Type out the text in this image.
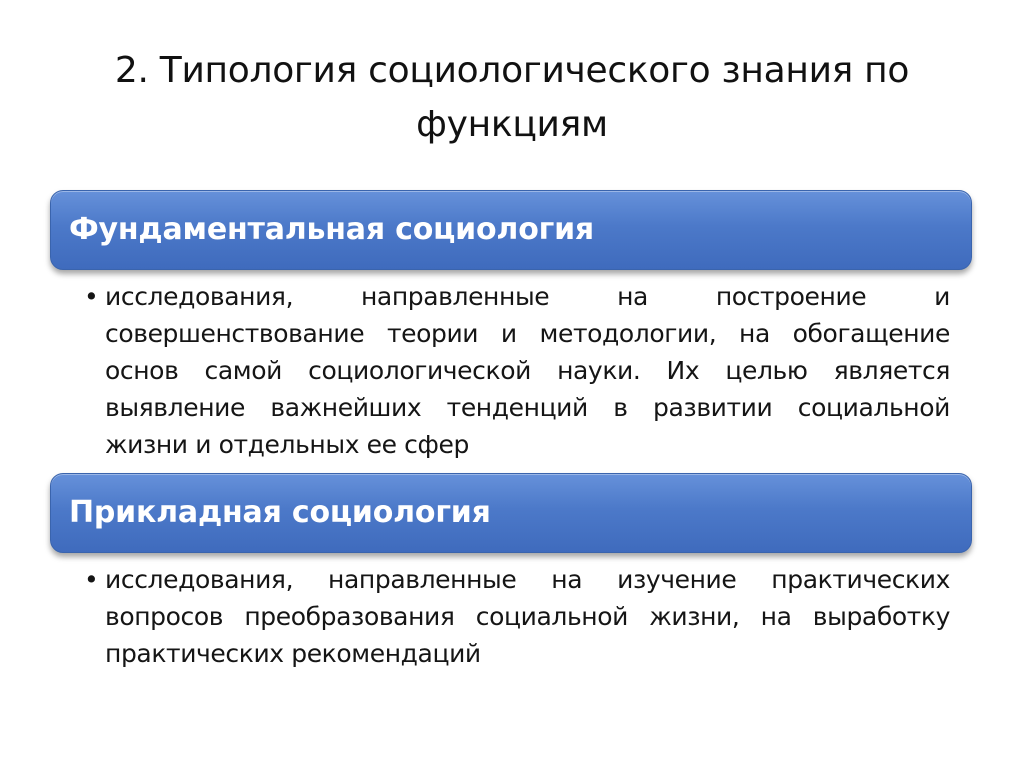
2. Типология социологического знания по функциям
Фундаментальная социология
• исследования, направленные на построение и совершенствование теории и методологии, на обогащение основ самой социологической науки. Их целью является выявление важнейших тенденций в развитии социальной жизни и отдельных ее сфер
Прикладная социология
• исследования, направленные на изучение практических вопросов преобразования социальной жизни, на выработку практических рекомендаций
